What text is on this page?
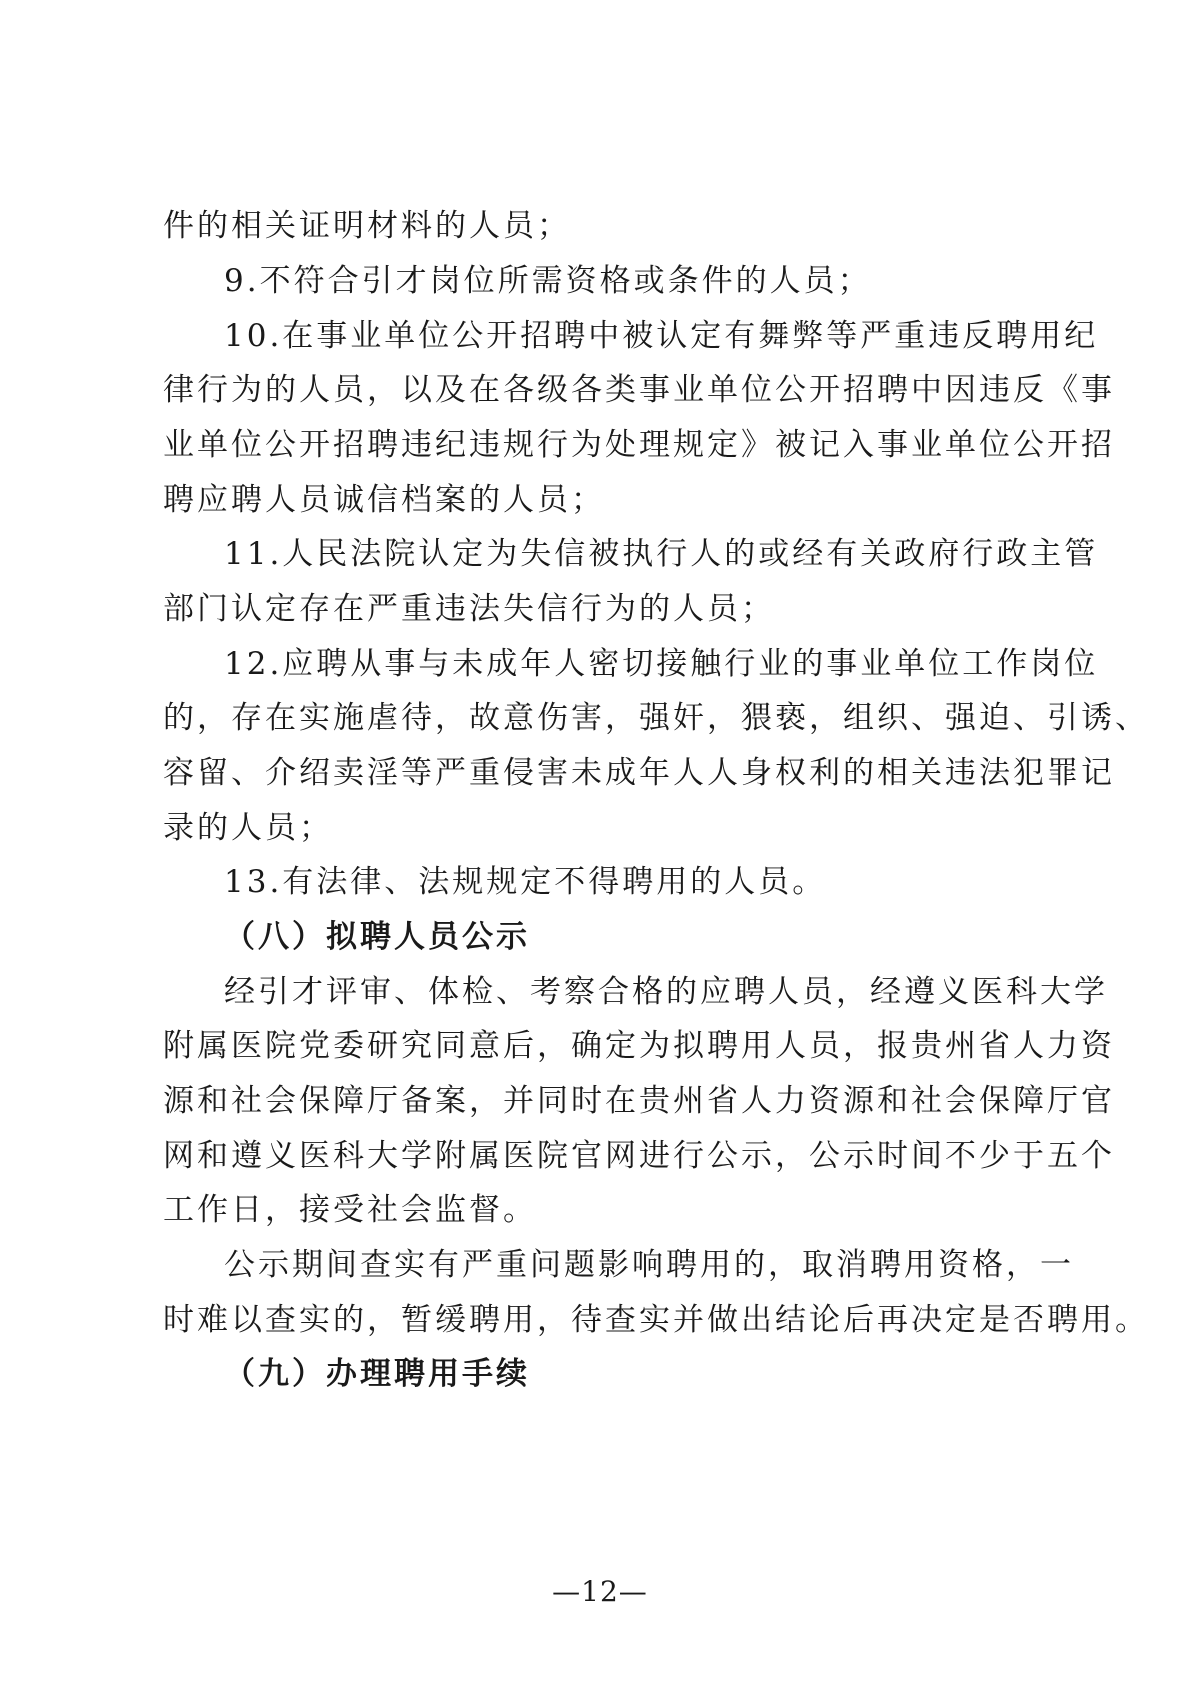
件的相关证明材料的人员；
9.不符合引才岗位所需资格或条件的人员；
10.在事业单位公开招聘中被认定有舞弊等严重违反聘用纪
律行为的人员，以及在各级各类事业单位公开招聘中因违反《事
业单位公开招聘违纪违规行为处理规定》被记入事业单位公开招
聘应聘人员诚信档案的人员；
11.人民法院认定为失信被执行人的或经有关政府行政主管
部门认定存在严重违法失信行为的人员；
12.应聘从事与未成年人密切接触行业的事业单位工作岗位
的，存在实施虐待，故意伤害，强奸，猥亵，组织、强迫、引诱、
容留、介绍卖淫等严重侵害未成年人人身权利的相关违法犯罪记
录的人员；
13.有法律、法规规定不得聘用的人员。
（八）拟聘人员公示
经引才评审、体检、考察合格的应聘人员，经遵义医科大学
附属医院党委研究同意后，确定为拟聘用人员，报贵州省人力资
源和社会保障厅备案，并同时在贵州省人力资源和社会保障厅官
网和遵义医科大学附属医院官网进行公示，公示时间不少于五个
工作日，接受社会监督。
公示期间查实有严重问题影响聘用的，取消聘用资格，一
时难以查实的，暂缓聘用，待查实并做出结论后再决定是否聘用。
（九）办理聘用手续
—12—
